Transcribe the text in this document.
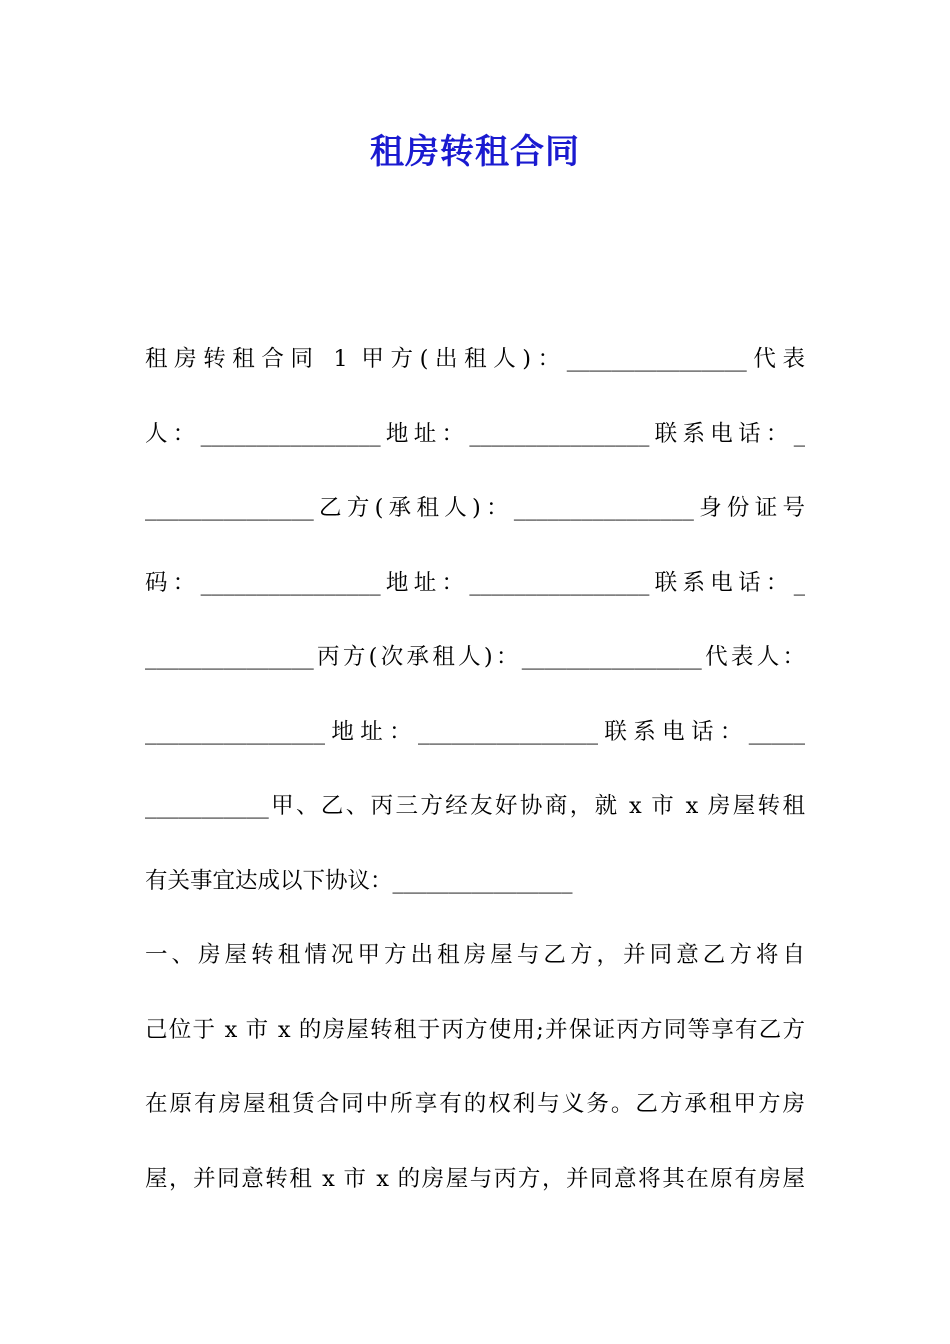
租房转租合同
租房转租合同 1 甲方(出租人)：________________代表
人：________________地址：________________联系电话：_
_______________乙方(承租人)：________________身份证号
码：________________地址：________________联系电话：_
_______________丙方(次承租人)：________________代表人：
________________地址：________________联系电话：_____
___________甲、乙、丙三方经友好协商，就 x 市 x 房屋转租
有关事宜达成以下协议：________________
一、房屋转租情况甲方出租房屋与乙方，并同意乙方将自
己位于 x 市 x 的房屋转租于丙方使用;并保证丙方同等享有乙方
在原有房屋租赁合同中所享有的权利与义务。乙方承租甲方房
屋，并同意转租 x 市 x 的房屋与丙方，并同意将其在原有房屋
